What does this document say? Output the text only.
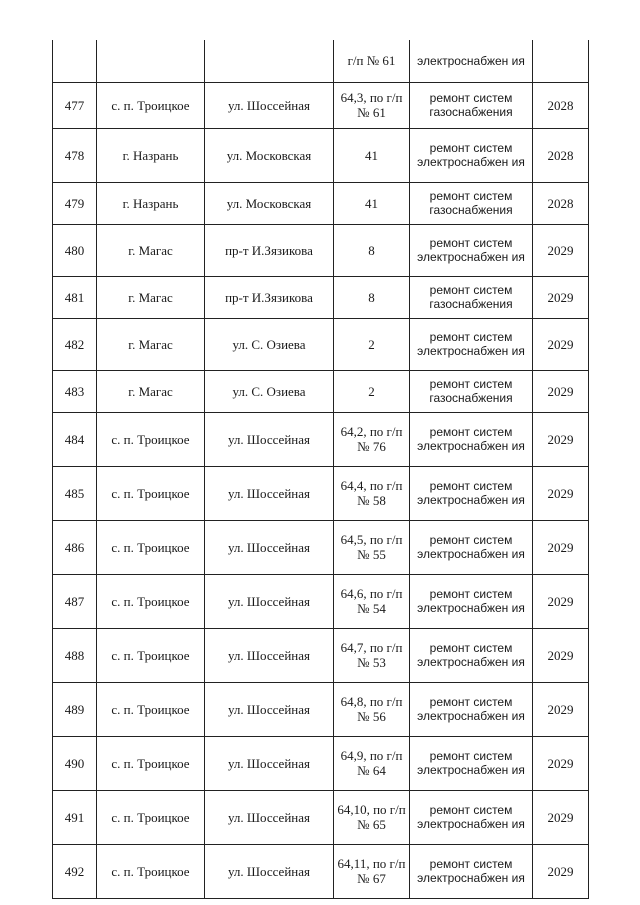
			г/п № 61	электроснабжен ия	
477	с. п. Троицкое	ул. Шоссейная	64,3, по г/п № 61	ремонт систем газоснабжения	2028
478	г. Назрань	ул. Московская	41	ремонт систем электроснабжен ия	2028
479	г. Назрань	ул. Московская	41	ремонт систем газоснабжения	2028
480	г. Магас	пр-т И.Зязикова	8	ремонт систем электроснабжен ия	2029
481	г. Магас	пр-т И.Зязикова	8	ремонт систем газоснабжения	2029
482	г. Магас	ул. С. Озиева	2	ремонт систем электроснабжен ия	2029
483	г. Магас	ул. С. Озиева	2	ремонт систем газоснабжения	2029
484	с. п. Троицкое	ул. Шоссейная	64,2, по г/п № 76	ремонт систем электроснабжен ия	2029
485	с. п. Троицкое	ул. Шоссейная	64,4, по г/п № 58	ремонт систем электроснабжен ия	2029
486	с. п. Троицкое	ул. Шоссейная	64,5, по г/п № 55	ремонт систем электроснабжен ия	2029
487	с. п. Троицкое	ул. Шоссейная	64,6, по г/п № 54	ремонт систем электроснабжен ия	2029
488	с. п. Троицкое	ул. Шоссейная	64,7, по г/п № 53	ремонт систем электроснабжен ия	2029
489	с. п. Троицкое	ул. Шоссейная	64,8, по г/п № 56	ремонт систем электроснабжен ия	2029
490	с. п. Троицкое	ул. Шоссейная	64,9, по г/п № 64	ремонт систем электроснабжен ия	2029
491	с. п. Троицкое	ул. Шоссейная	64,10, по г/п № 65	ремонт систем электроснабжен ия	2029
492	с. п. Троицкое	ул. Шоссейная	64,11, по г/п № 67	ремонт систем электроснабжен ия	2029
